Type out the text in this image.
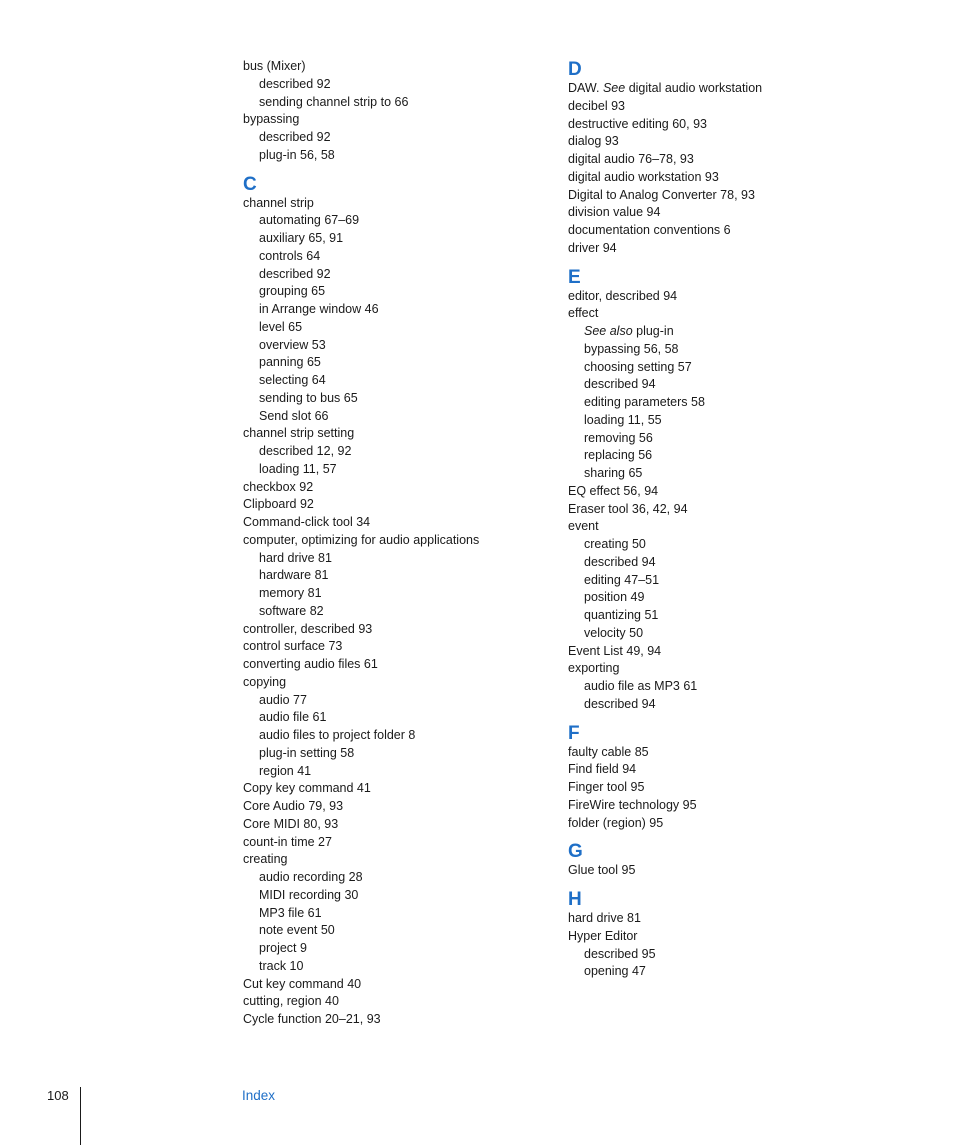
bus (Mixer)
described 92
sending channel strip to 66
bypassing
described 92
plug-in 56, 58
C
channel strip
automating 67–69
auxiliary 65, 91
controls 64
described 92
grouping 65
in Arrange window 46
level 65
overview 53
panning 65
selecting 64
sending to bus 65
Send slot 66
channel strip setting
described 12, 92
loading 11, 57
checkbox 92
Clipboard 92
Command-click tool 34
computer, optimizing for audio applications
hard drive 81
hardware 81
memory 81
software 82
controller, described 93
control surface 73
converting audio files 61
copying
audio 77
audio file 61
audio files to project folder 8
plug-in setting 58
region 41
Copy key command 41
Core Audio 79, 93
Core MIDI 80, 93
count-in time 27
creating
audio recording 28
MIDI recording 30
MP3 file 61
note event 50
project 9
track 10
Cut key command 40
cutting, region 40
Cycle function 20–21, 93
D
DAW. See digital audio workstation
decibel 93
destructive editing 60, 93
dialog 93
digital audio 76–78, 93
digital audio workstation 93
Digital to Analog Converter 78, 93
division value 94
documentation conventions 6
driver 94
E
editor, described 94
effect
See also plug-in
bypassing 56, 58
choosing setting 57
described 94
editing parameters 58
loading 11, 55
removing 56
replacing 56
sharing 65
EQ effect 56, 94
Eraser tool 36, 42, 94
event
creating 50
described 94
editing 47–51
position 49
quantizing 51
velocity 50
Event List 49, 94
exporting
audio file as MP3 61
described 94
F
faulty cable 85
Find field 94
Finger tool 95
FireWire technology 95
folder (region) 95
G
Glue tool 95
H
hard drive 81
Hyper Editor
described 95
opening 47
108	Index
